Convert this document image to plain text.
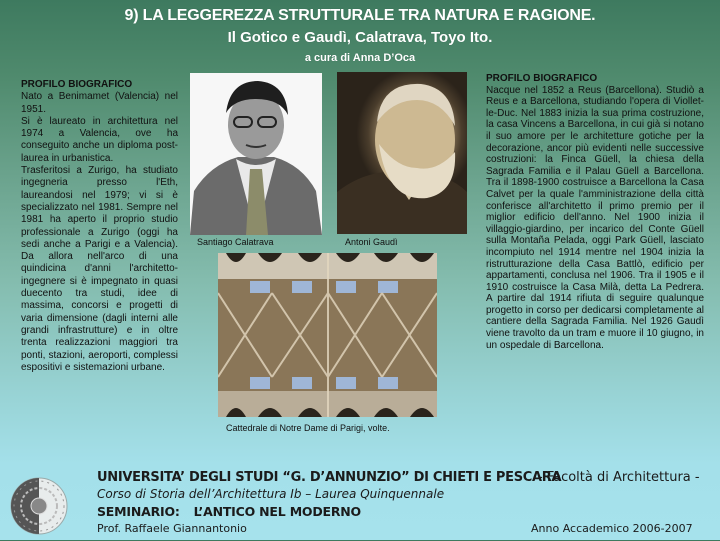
9) LA LEGGEREZZA STRUTTURALE TRA NATURA E RAGIONE.
Il Gotico e Gaudì, Calatrava, Toyo Ito.
a cura di Anna D’Oca
PROFILO BIOGRAFICO

Nato a Benimamet (Valencia) nel 1951.

Si è laureato in architettura nel 1974 a Valencia, ove ha conseguito anche un diploma post-laurea in urbanistica.

Trasferitosi a Zurigo, ha studiato ingegneria presso l'Eth, laureandosi nel 1979; vi si è specializzato nel 1981. Sempre nel 1981 ha aperto il proprio studio professionale a Zurigo (oggi ha sedi anche a Parigi e a Valencia). Da allora nell'arco di una quindicina d'anni l'architetto-ingegnere si è impegnato in quasi duecento tra studi, idee di massima, concorsi e progetti di varia dimensione (dagli interni alle grandi infrastrutture) e in oltre trenta realizzazioni maggiori tra ponti, stazioni, aeroporti, complessi espositivi e sistemazioni urbane.

Santiago Calatrava	Antoni Gaudì
Cattedrale di Notre Dame di Parigi, volte.
PROFILO BIOGRAFICO

Nacque nel 1852 a Reus (Barcellona). Studiò a Reus e a Barcellona, studiando l'opera di Viollet-le-Duc. Nel 1883 inizia la sua prima costruzione, la casa Vincens a Barcellona, in cui già si notano il suo amore per le architetture gotiche per la decorazione, ancor più evidenti nelle successive costruzioni: la Finca Güell, la chiesa della Sagrada Familia e il Palau Güell a Barcellona. Tra il 1898-1900 costruisce a Barcellona la Casa Calvet per la quale l'amministrazione della città conferisce all'architetto il primo premio per il miglior edificio dell'anno. Nel 1900 inizia il villaggio-giardino, per incarico del Conte Güell sulla Montaña Pelada, oggi Park Güell, lasciato incompiuto nel 1914 mentre nel 1904 inizia la ristrutturazione della Casa Battlò, edificio per appartamenti, conclusa nel 1906. Tra il 1905 e il 1910 costruisce la Casa Milà, detta La Pedrera. A partire dal 1914 rifiuta di seguire qualunque progetto in corso per dedicarsi completamente al cantiere della Sagrada Familia. Nel 1926 Gaudì viene travolto da un tram e muore il 10 giugno, in un ospedale di Barcellona.

UNIVERSITA’ DEGLI STUDI “G. D’ANNUNZIO” DI CHIETI E PESCARA
- Facoltà di Architettura -
Corso di Storia dell’Architettura Ib – Laurea Quinquennale
SEMINARIO: L’ANTICO NEL MODERNO
Prof. Raffaele Giannantonio	Anno Accademico 2006-2007
